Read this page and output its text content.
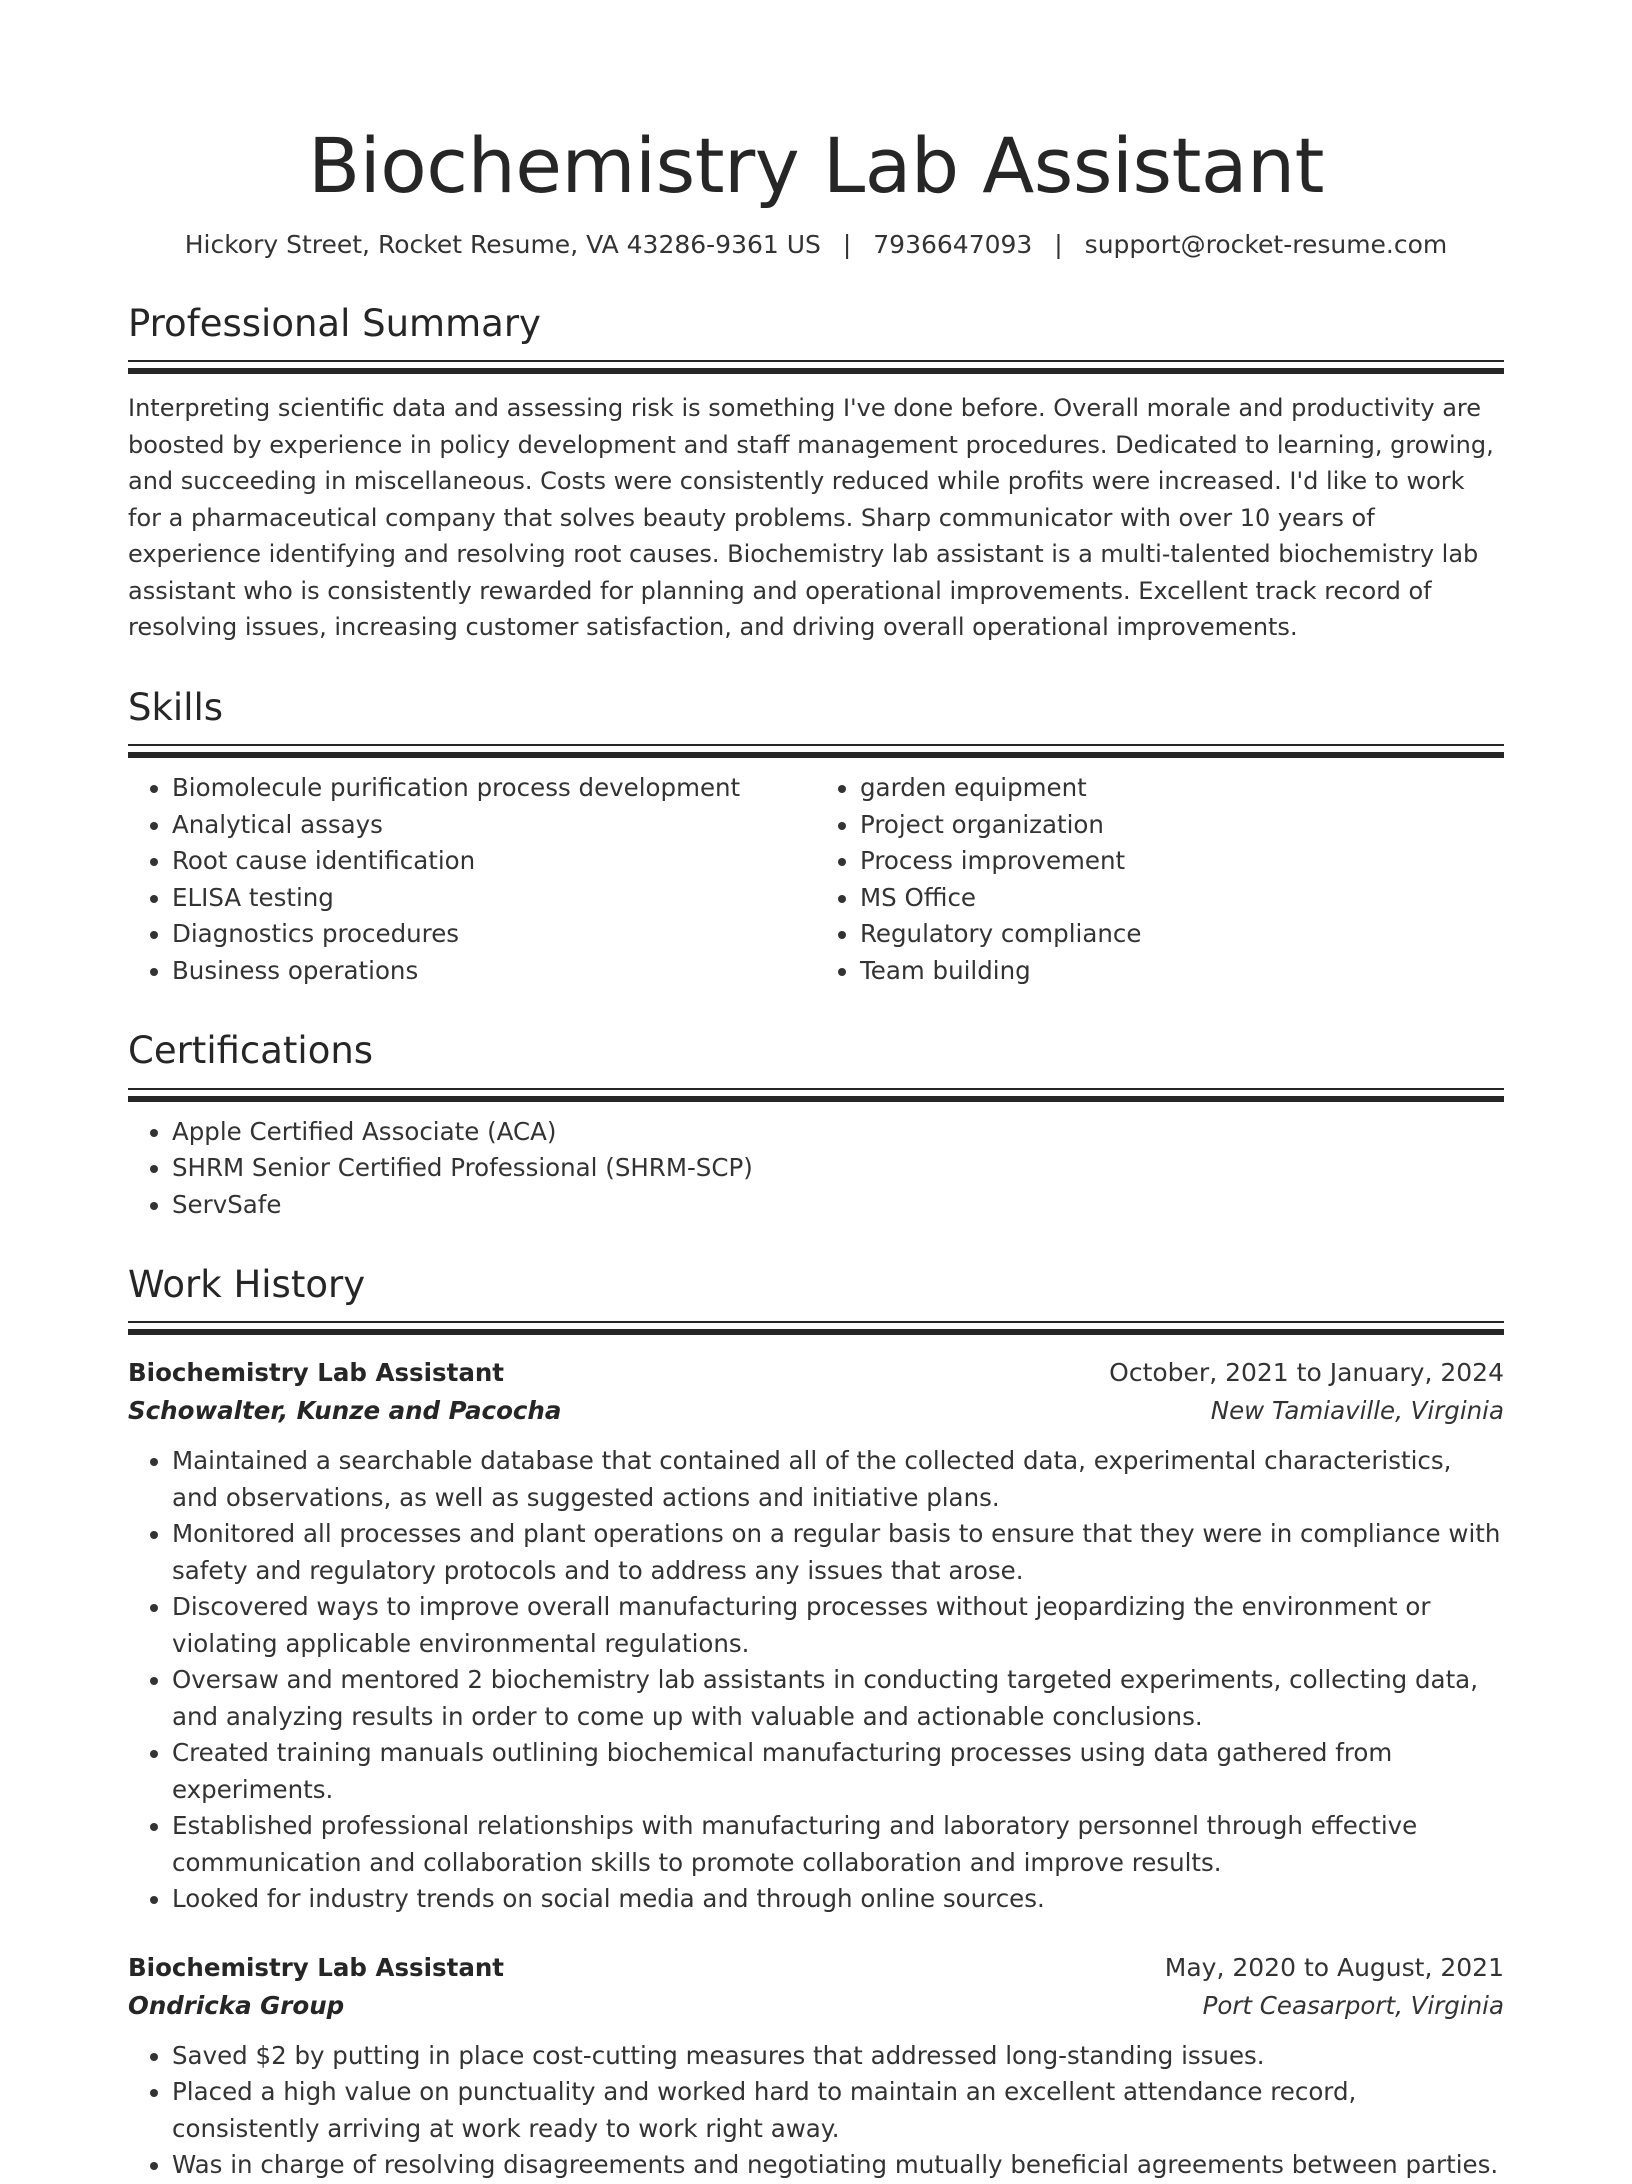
Biochemistry Lab Assistant
Hickory Street, Rocket Resume, VA 43286-9361 US | 7936647093 | support@rocket-resume.com
Professional Summary

Interpreting scientific data and assessing risk is something I've done before. Overall morale and productivity are boosted by experience in policy development and staff management procedures. Dedicated to learning, growing, and succeeding in miscellaneous. Costs were consistently reduced while profits were increased. I'd like to work for a pharmaceutical company that solves beauty problems. Sharp communicator with over 10 years of experience identifying and resolving root causes. Biochemistry lab assistant is a multi-talented biochemistry lab assistant who is consistently rewarded for planning and operational improvements. Excellent track record of resolving issues, increasing customer satisfaction, and driving overall operational improvements.

Skills
• Biomolecule purification process development
• Analytical assays
• Root cause identification
• ELISA testing
• Diagnostics procedures
• Business operations
• garden equipment
• Project organization
• Process improvement
• MS Office
• Regulatory compliance
• Team building
Certifications
• Apple Certified Associate (ACA)
• SHRM Senior Certified Professional (SHRM-SCP)
• ServSafe
Work History
Biochemistry Lab Assistant	October, 2021 to January, 2024
Schowalter, Kunze and Pacocha	New Tamiaville, Virginia
• Maintained a searchable database that contained all of the collected data, experimental characteristics, and observations, as well as suggested actions and initiative plans.
• Monitored all processes and plant operations on a regular basis to ensure that they were in compliance with safety and regulatory protocols and to address any issues that arose.
• Discovered ways to improve overall manufacturing processes without jeopardizing the environment or violating applicable environmental regulations.
• Oversaw and mentored 2 biochemistry lab assistants in conducting targeted experiments, collecting data, and analyzing results in order to come up with valuable and actionable conclusions.
• Created training manuals outlining biochemical manufacturing processes using data gathered from experiments.
• Established professional relationships with manufacturing and laboratory personnel through effective communication and collaboration skills to promote collaboration and improve results.
• Looked for industry trends on social media and through online sources.
Biochemistry Lab Assistant	May, 2020 to August, 2021
Ondricka Group	Port Ceasarport, Virginia
• Saved $2 by putting in place cost-cutting measures that addressed long-standing issues.
• Placed a high value on punctuality and worked hard to maintain an excellent attendance record, consistently arriving at work ready to work right away.
• Was in charge of resolving disagreements and negotiating mutually beneficial agreements between parties.
